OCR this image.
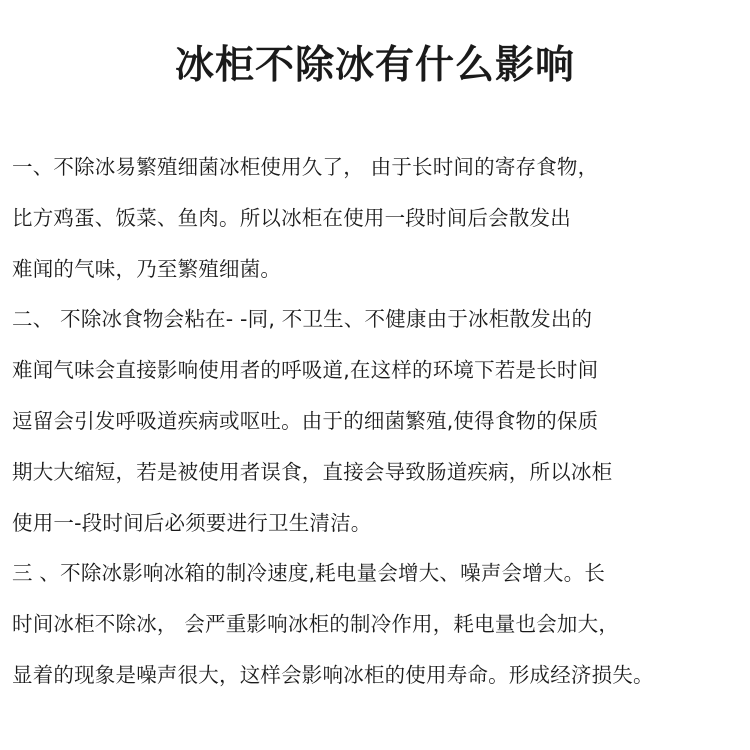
冰柜不除冰有什么影响
一、不除冰易繁殖细菌冰柜使用久了， 由于长时间的寄存食物，
比方鸡蛋、饭菜、鱼肉。所以冰柜在使用一段时间后会散发出
难闻的气味，乃至繁殖细菌。
二、 不除冰食物会粘在- -同, 不卫生、不健康由于冰柜散发出的
难闻气味会直接影响使用者的呼吸道,在这样的环境下若是长时间
逗留会引发呼吸道疾病或呕吐。由于的细菌繁殖,使得食物的保质
期大大缩短，若是被使用者误食，直接会导致肠道疾病，所以冰柜
使用一-段时间后必须要进行卫生清洁。
三 、不除冰影响冰箱的制冷速度,耗电量会增大、噪声会增大。长
时间冰柜不除冰， 会严重影响冰柜的制冷作用，耗电量也会加大，
显着的现象是噪声很大，这样会影响冰柜的使用寿命。形成经济损失。
